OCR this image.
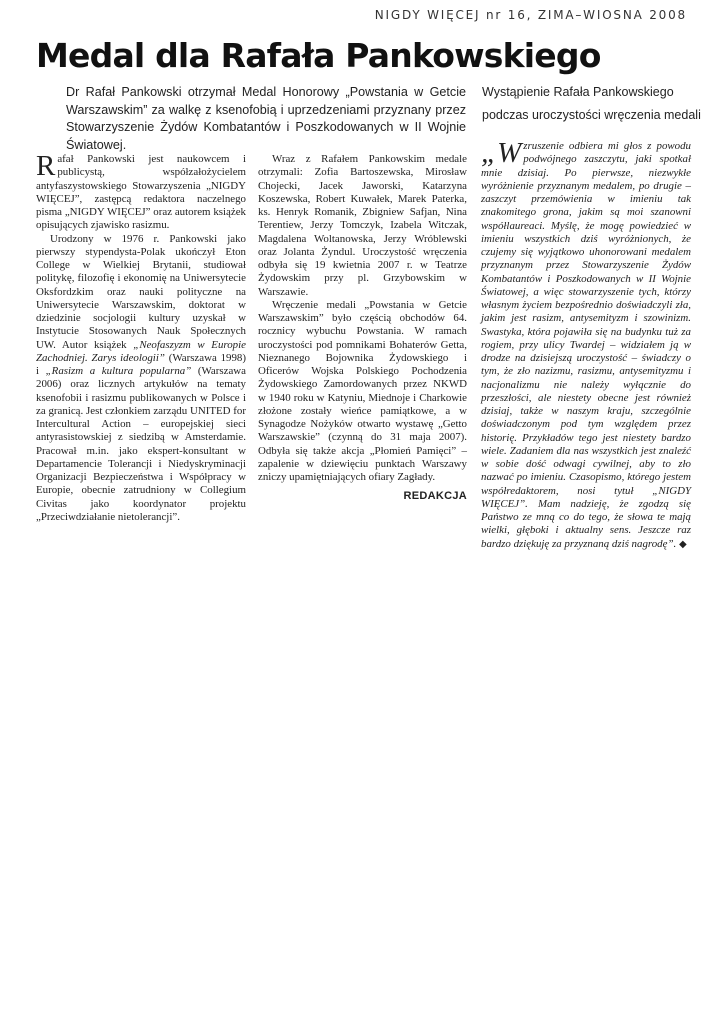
NIGDY WIĘCEJ nr 16, ZIMA–WIOSNA 2008
Medal dla Rafała Pankowskiego
Dr Rafał Pankowski otrzymał Medal Honorowy „Powstania w Getcie Warszawskim” za walkę z ksenofobią i uprzedzeniami przyznany przez Stowarzyszenie Żydów Kombatantów i Poszkodowanych w II Wojnie Światowej.
Wystąpienie Rafała Pankowskiego podczas uroczystości wręczenia medali

Rafał Pankowski jest naukowcem i publicystą, współzałożycielem antyfaszystowskiego Stowarzyszenia „NIGDY WIĘCEJ”, zastępcą redaktora naczelnego pisma „NIGDY WIĘCEJ” oraz autorem książek opisujących zjawisko rasizmu.

Urodzony w 1976 r. Pankowski jako pierwszy stypendysta-Polak ukończył Eton College w Wielkiej Brytanii, studiował politykę, filozofię i ekonomię na Uniwersytecie Oksfordzkim oraz nauki polityczne na Uniwersytecie Warszawskim, doktorat w dziedzinie socjologii kultury uzyskał w Instytucie Stosowanych Nauk Społecznych UW. Autor książek „Neofaszyzm w Europie Zachodniej. Zarys ideologii” (Warszawa 1998) i „Rasizm a kultura popularna” (Warszawa 2006) oraz licznych artykułów na tematy ksenofobii i rasizmu publikowanych w Polsce i za granicą. Jest członkiem zarządu UNITED for Intercultural Action – europejskiej sieci antyrasistowskiej z siedzibą w Amsterdamie. Pracował m.in. jako ekspert-konsultant w Departamencie Tolerancji i Niedyskryminacji Organizacji Bezpieczeństwa i Współpracy w Europie, obecnie zatrudniony w Collegium Civitas jako koordynator projektu „Przeciwdziałanie nietolerancji”.

Wraz z Rafałem Pankowskim medale otrzymali: Zofia Bartoszewska, Mirosław Chojecki, Jacek Jaworski, Katarzyna Koszewska, Robert Kuwałek, Marek Paterka, ks. Henryk Romanik, Zbigniew Safjan, Nina Terentiew, Jerzy Tomczyk, Izabela Witczak, Magdalena Woltanowska, Jerzy Wróblewski oraz Jolanta Żyndul. Uroczystość wręczenia odbyła się 19 kwietnia 2007 r. w Teatrze Żydowskim przy pl. Grzybowskim w Warszawie.

Wręczenie medali „Powstania w Getcie Warszawskim” było częścią obchodów 64. rocznicy wybuchu Powstania. W ramach uroczystości pod pomnikami Bohaterów Getta, Nieznanego Bojownika Żydowskiego i Oficerów Wojska Polskiego Pochodzenia Żydowskiego Zamordowanych przez NKWD w 1940 roku w Katyniu, Miednoje i Charkowie złożone zostały wieńce pamiątkowe, a w Synagodze Nożyków otwarto wystawę „Getto Warszawskie” (czynną do 31 maja 2007). Odbyła się także akcja „Płomień Pamięci” – zapalenie w dziewięciu punktach Warszawy zniczy upamiętniających ofiary Zagłady.

REDAKCJA

„Wzruszenie odbiera mi głos z powodu podwójnego zaszczytu, jaki spotkał mnie dzisiaj. Po pierwsze, niezwykłe wyróżnienie przyznanym medalem, po drugie – zaszczyt przemówienia w imieniu tak znakomitego grona, jakim są moi szanowni współlaureaci. Myślę, że mogę powiedzieć w imieniu wszystkich dziś wyróżnionych, że czujemy się wyjątkowo uhonorowani medalem przyznanym przez Stowarzyszenie Żydów Kombatantów i Poszkodowanych w II Wojnie Światowej, a więc stowarzyszenie tych, którzy własnym życiem bezpośrednio doświadczyli zła, jakim jest rasizm, antysemityzm i szowinizm. Swastyka, która pojawiła się na budynku tuż za rogiem, przy ulicy Twardej – widziałem ją w drodze na dzisiejszą uroczystość – świadczy o tym, że zło nazizmu, rasizmu, antysemityzmu i nacjonalizmu nie należy wyłącznie do przeszłości, ale niestety obecne jest również dzisiaj, także w naszym kraju, szczególnie doświadczonym pod tym względem przez historię. Przykładów tego jest niestety bardzo wiele. Zadaniem dla nas wszystkich jest znaleźć w sobie dość odwagi cywilnej, aby to zło nazwać po imieniu. Czasopismo, którego jestem współredaktorem, nosi tytuł „NIGDY WIĘCEJ”. Mam nadzieję, że zgodzą się Państwo ze mną co do tego, że słowa te mają wielki, głęboki i aktualny sens. Jeszcze raz bardzo dziękuję za przyznaną dziś nagrodę”. ◆
